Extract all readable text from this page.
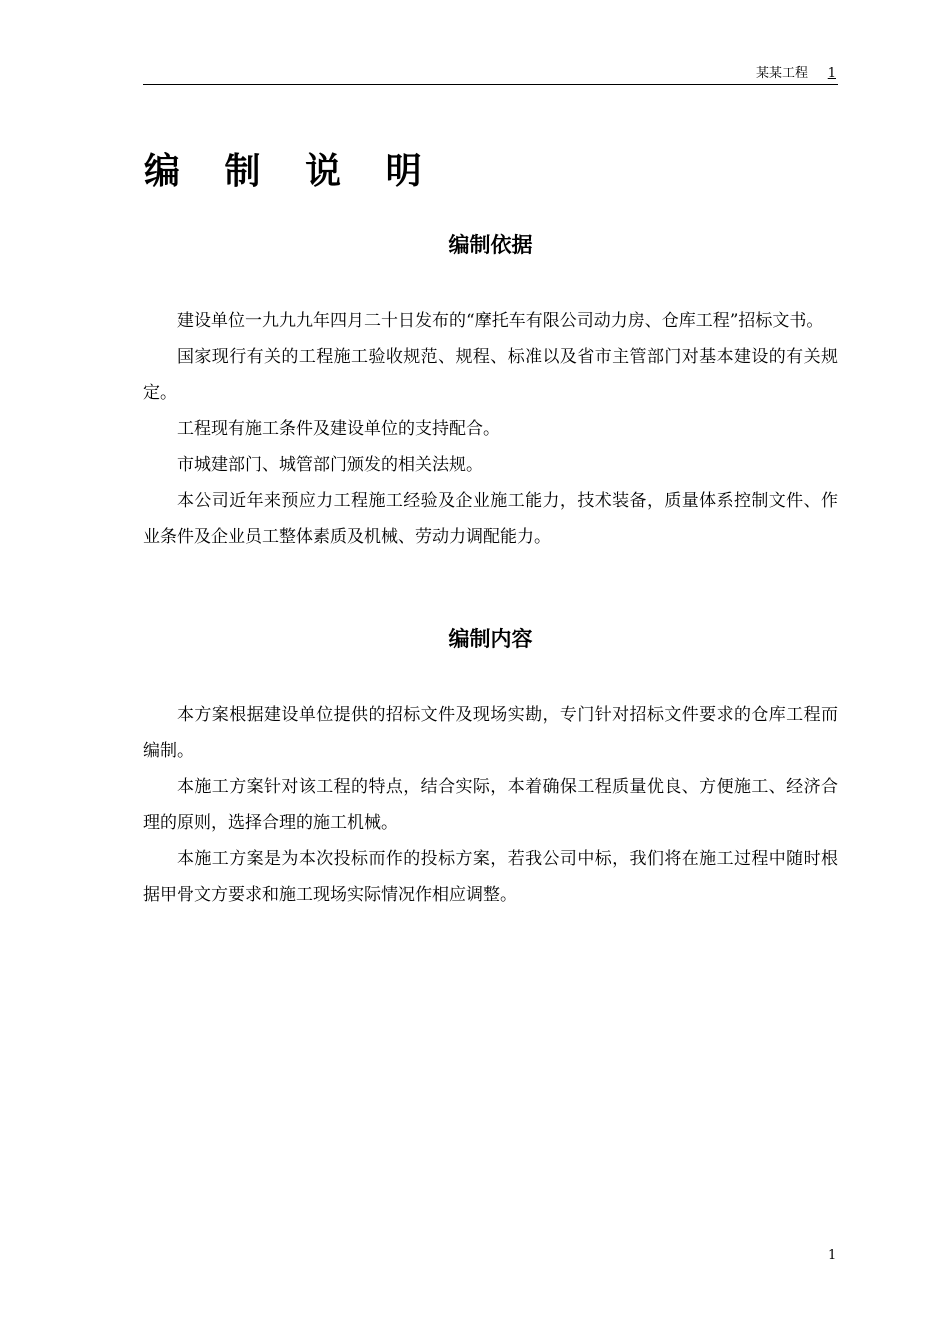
某某工程 1
编 制 说 明
编制依据

建设单位一九九九年四月二十日发布的“摩托车有限公司动力房、仓库工程”招标文书。

国家现行有关的工程施工验收规范、规程、标准以及省市主管部门对基本建设的有关规定。

工程现有施工条件及建设单位的支持配合。

市城建部门、城管部门颁发的相关法规。

本公司近年来预应力工程施工经验及企业施工能力，技术装备，质量体系控制文件、作业条件及企业员工整体素质及机械、劳动力调配能力。

编制内容

本方案根据建设单位提供的招标文件及现场实勘，专门针对招标文件要求的仓库工程而编制。

本施工方案针对该工程的特点，结合实际，本着确保工程质量优良、方便施工、经济合理的原则，选择合理的施工机械。

本施工方案是为本次投标而作的投标方案，若我公司中标，我们将在施工过程中随时根据甲骨文方要求和施工现场实际情况作相应调整。

1
